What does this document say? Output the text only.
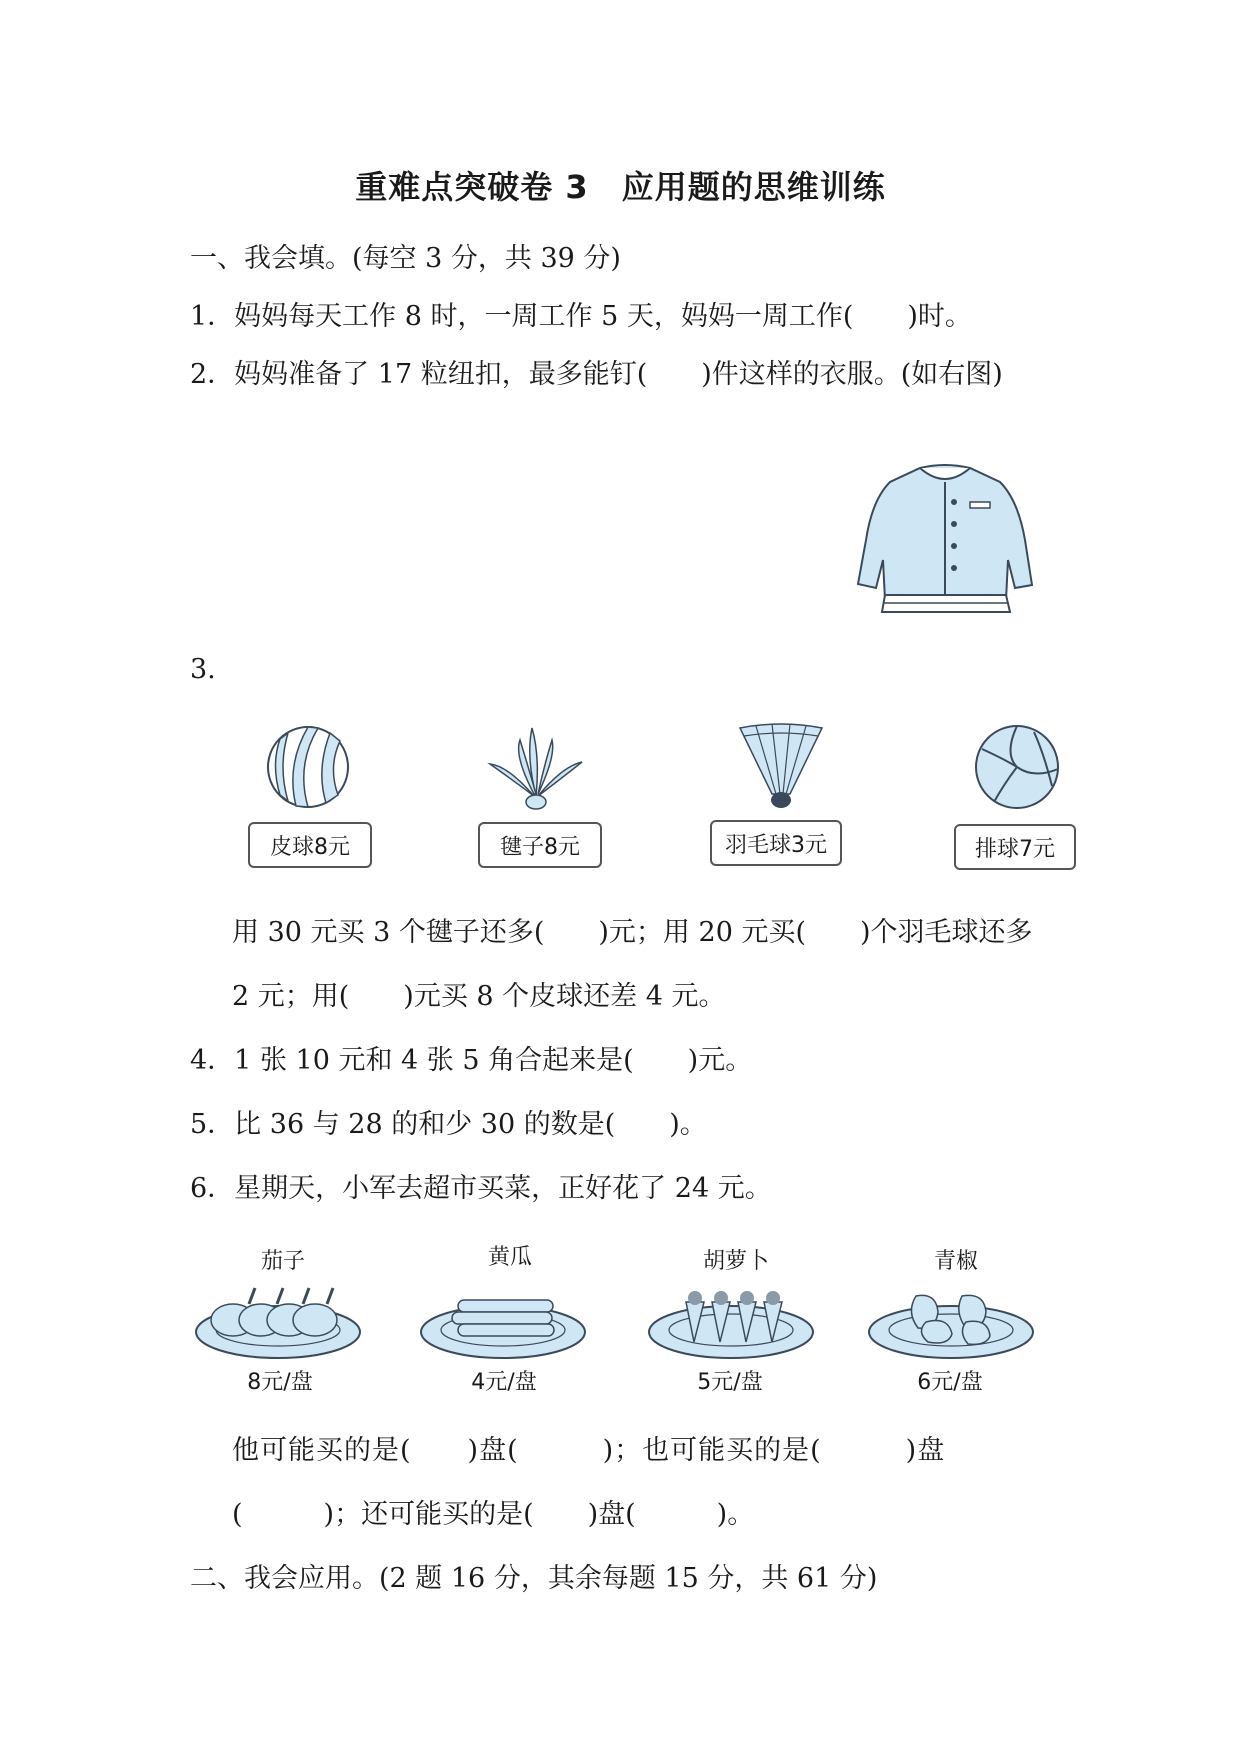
重难点突破卷 3　应用题的思维训练
一、我会填。(每空 3 分，共 39 分)
1．妈妈每天工作 8 时，一周工作 5 天，妈妈一周工作(　　)时。
2．妈妈准备了 17 粒纽扣，最多能钉(　　)件这样的衣服。(如右图)
3.
皮球8元	毽子8元	羽毛球3元	排球7元
用 30 元买 3 个毽子还多(　　)元；用 20 元买(　　)个羽毛球还多
2 元；用(　　)元买 8 个皮球还差 4 元。
4．1 张 10 元和 4 张 5 角合起来是(　　)元。
5．比 36 与 28 的和少 30 的数是(　　)。
6．星期天，小军去超市买菜，正好花了 24 元。
茄子	黄瓜	胡萝卜	青椒
8元/盘	4元/盘	5元/盘	6元/盘
他可能买的是(　　)盘(　　　)；也可能买的是(　　　)盘
(　　　)；还可能买的是(　　)盘(　　　)。
二、我会应用。(2 题 16 分，其余每题 15 分，共 61 分)
